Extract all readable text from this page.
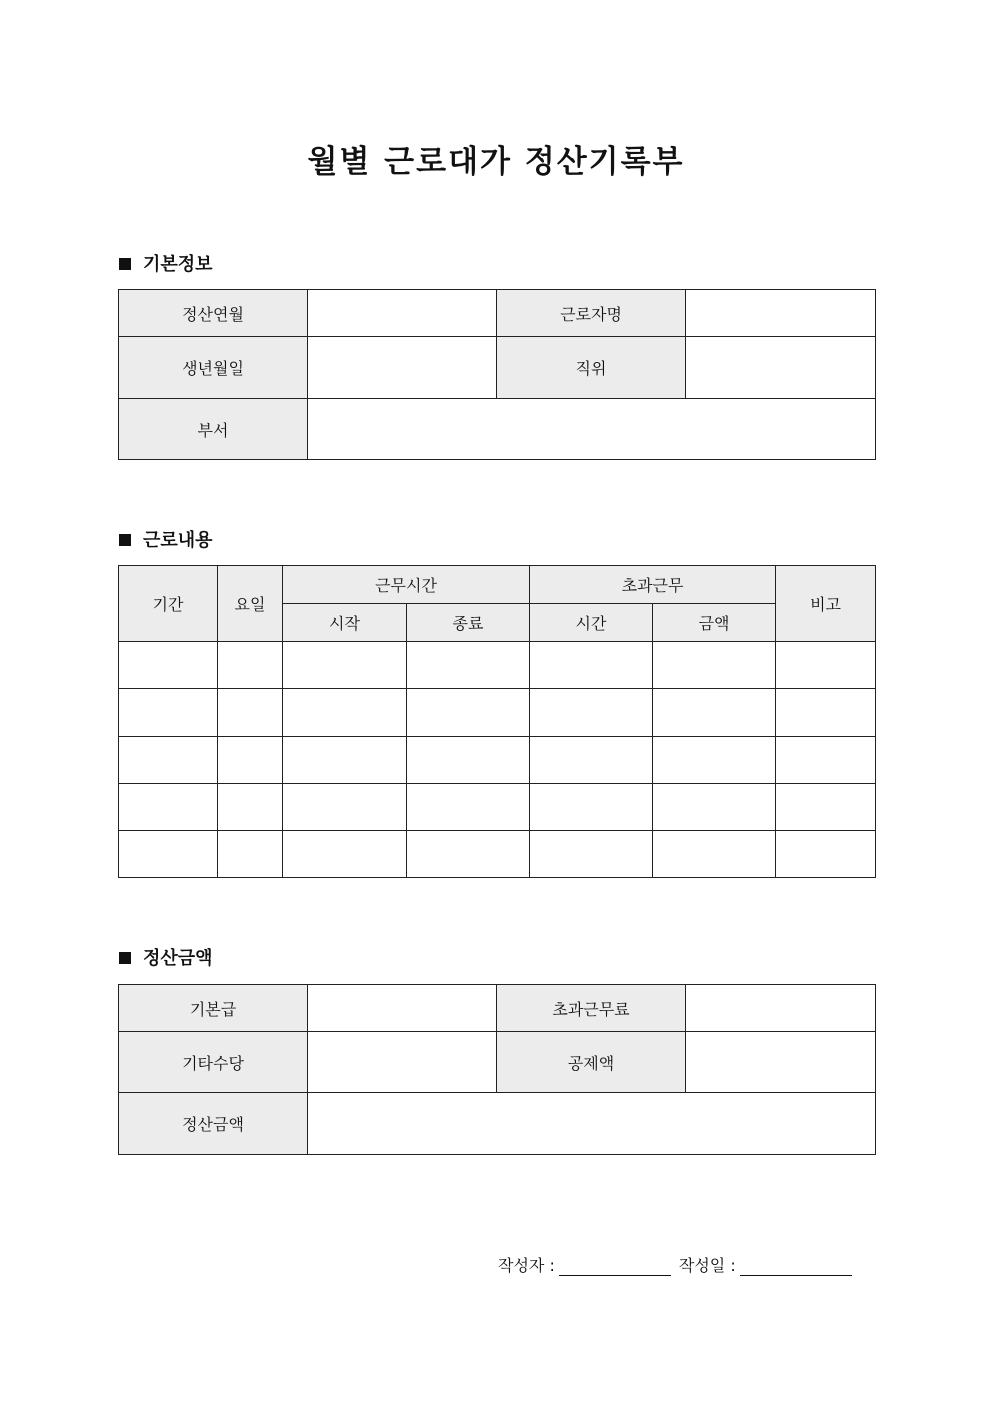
월별 근로대가 정산기록부
기본정보
정산연월		근로자명	
생년월일		직위	
부서			
근로내용
기간	요일	근무시간		초과근무		비고
		시작	종료	시간	금액	

정산금액
기본급		초과근무료	
기타수당		공제액	
정산금액			
작성자 :	작성일 :
